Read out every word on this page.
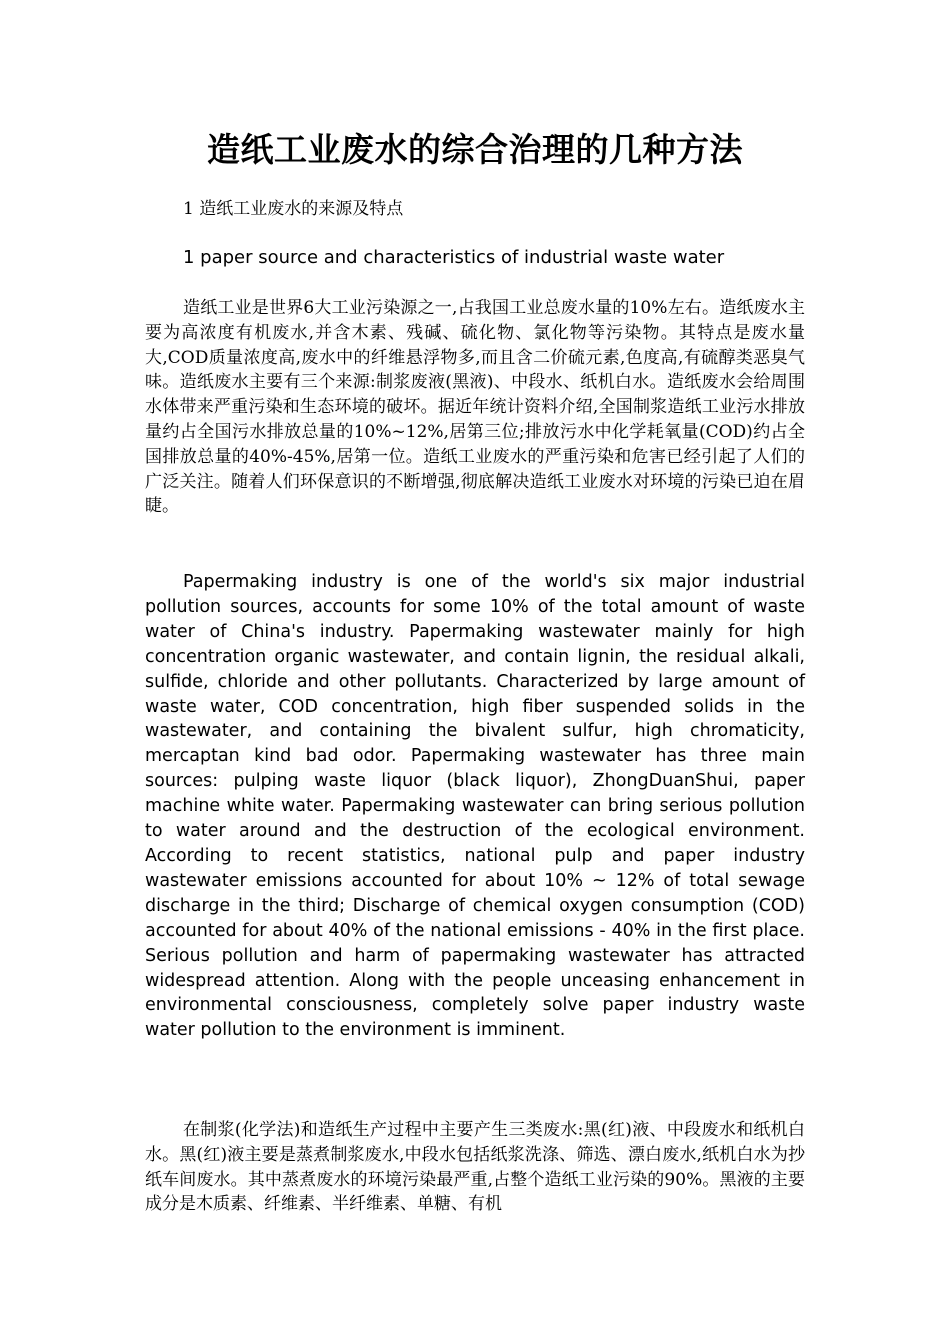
造纸工业废水的综合治理的几种方法

1 造纸工业废水的来源及特点

1 paper source and characteristics of industrial waste water

造纸工业是世界6大工业污染源之一,占我国工业总废水量的10%左右。造纸废水主要为高浓度有机废水,并含木素、残碱、硫化物、氯化物等污染物。其特点是废水量大,COD质量浓度高,废水中的纤维悬浮物多,而且含二价硫元素,色度高,有硫醇类恶臭气味。造纸废水主要有三个来源:制浆废液(黑液)、中段水、纸机白水。造纸废水会给周围水体带来严重污染和生态环境的破坏。据近年统计资料介绍,全国制浆造纸工业污水排放量约占全国污水排放总量的10%~12%,居第三位;排放污水中化学耗氧量(COD)约占全国排放总量的40%-45%,居第一位。造纸工业废水的严重污染和危害已经引起了人们的广泛关注。随着人们环保意识的不断增强,彻底解决造纸工业废水对环境的污染已迫在眉睫。

Papermaking industry is one of the world's six major industrial pollution sources, accounts for some 10% of the total amount of waste water of China's industry. Papermaking wastewater mainly for high concentration organic wastewater, and contain lignin, the residual alkali, sulfide, chloride and other pollutants. Characterized by large amount of waste water, COD concentration, high fiber suspended solids in the wastewater, and containing the bivalent sulfur, high chromaticity, mercaptan kind bad odor. Papermaking wastewater has three main sources: pulping waste liquor (black liquor), ZhongDuanShui, paper machine white water. Papermaking wastewater can bring serious pollution to water around and the destruction of the ecological environment. According to recent statistics, national pulp and paper industry wastewater emissions accounted for about 10% ~ 12% of total sewage discharge in the third; Discharge of chemical oxygen consumption (COD) accounted for about 40% of the national emissions - 40% in the first place. Serious pollution and harm of papermaking wastewater has attracted widespread attention. Along with the people unceasing enhancement in environmental consciousness, completely solve paper industry waste water pollution to the environment is imminent.

在制浆(化学法)和造纸生产过程中主要产生三类废水:黑(红)液、中段废水和纸机白水。黑(红)液主要是蒸煮制浆废水,中段水包括纸浆洗涤、筛选、漂白废水,纸机白水为抄纸车间废水。其中蒸煮废水的环境污染最严重,占整个造纸工业污染的90%。黑液的主要成分是木质素、纤维素、半纤维素、单糖、有机
